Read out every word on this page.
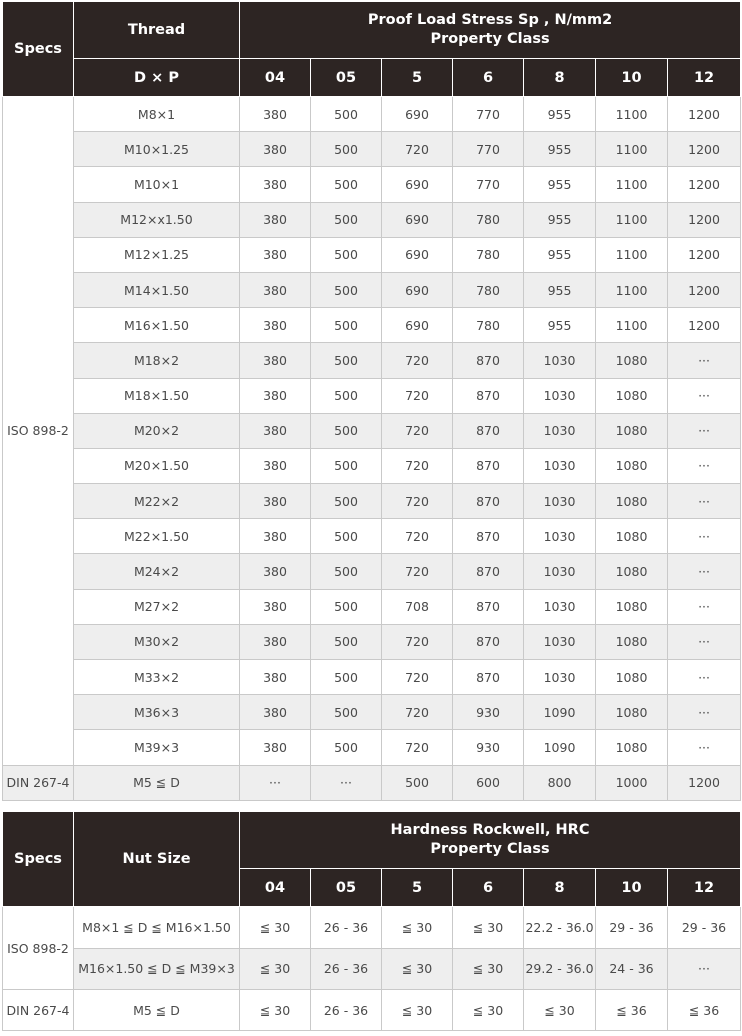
Specs	Thread	Proof Load Stress Sp , N/mm2
Property Class						

	D × P	04	05	5	6	8	10	12
ISO 898-2	M8×1	380	500	690	770	955	1100	1200
	M10×1.25	380	500	720	770	955	1100	1200
	M10×1	380	500	690	770	955	1100	1200
	M12×x1.50	380	500	690	780	955	1100	1200
	M12×1.25	380	500	690	780	955	1100	1200
	M14×1.50	380	500	690	780	955	1100	1200
	M16×1.50	380	500	690	780	955	1100	1200
	M18×2	380	500	720	870	1030	1080	···
	M18×1.50	380	500	720	870	1030	1080	···
	M20×2	380	500	720	870	1030	1080	···
	M20×1.50	380	500	720	870	1030	1080	···
	M22×2	380	500	720	870	1030	1080	···
	M22×1.50	380	500	720	870	1030	1080	···
	M24×2	380	500	720	870	1030	1080	···
	M27×2	380	500	708	870	1030	1080	···
	M30×2	380	500	720	870	1030	1080	···
	M33×2	380	500	720	870	1030	1080	···
	M36×3	380	500	720	930	1090	1080	···
	M39×3	380	500	720	930	1090	1080	···
DIN 267-4	M5 ≦ D	···	···	500	600	800	1000	1200
Specs	Nut Size	Hardness Rockwell, HRC
Property Class						

		04	05	5	6	8	10	12
ISO 898-2	M8×1 ≦ D ≦ M16×1.50	≦ 30	26 - 36	≦ 30	≦ 30	22.2 - 36.0	29 - 36	29 - 36
	M16×1.50 ≦ D ≦ M39×3	≦ 30	26 - 36	≦ 30	≦ 30	29.2 - 36.0	24 - 36	···
DIN 267-4	M5 ≦ D	≦ 30	26 - 36	≦ 30	≦ 30	≦ 30	≦ 36	≦ 36
